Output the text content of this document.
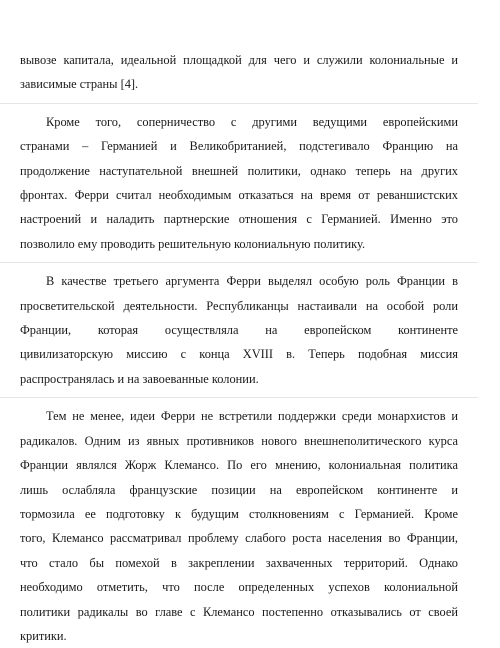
вывозе капитала, идеальной площадкой для чего и служили колониальные и
зависимые страны [4].
Кроме того, соперничество с другими ведущими европейскими
странами – Германией и Великобританией, подстегивало Францию на
продолжение наступательной внешней политики, однако теперь на других
фронтах. Ферри считал необходимым отказаться на время от реваншистских
настроений и наладить партнерские отношения с Германией. Именно это
позволило ему проводить решительную колониальную политику.
В качестве третьего аргумента Ферри выделял особую роль Франции в
просветительской деятельности. Республиканцы настаивали на особой роли
Франции, которая осуществляла на европейском континенте
цивилизаторскую миссию с конца XVIII в. Теперь подобная миссия
распространялась и на завоеванные колонии.
Тем не менее, идеи Ферри не встретили поддержки среди монархистов и
радикалов. Одним из явных противников нового внешнеполитического курса
Франции являлся Жорж Клемансо. По его мнению, колониальная политика
лишь ослабляла французские позиции на европейском континенте и
тормозила ее подготовку к будущим столкновениям с Германией. Кроме
того, Клемансо рассматривал проблему слабого роста населения во Франции,
что стало бы помехой в закреплении захваченных территорий. Однако
необходимо отметить, что после определенных успехов колониальной
политики радикалы во главе с Клемансо постепенно отказывались от своей
критики.
